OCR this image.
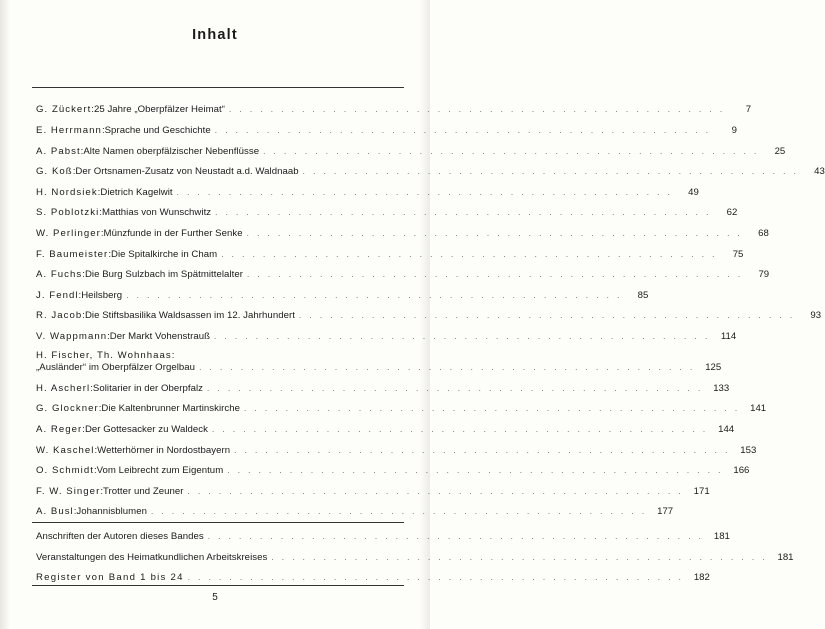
Inhalt
G. Zückert : 25 Jahre „Oberpfälzer Heimat“ . . . . . . . . . . . . . . . . . . . . . . . . . . . . . . . . . . . . . . . . . . . . . . . .	7
E. Herrmann : Sprache und Geschichte . . . . . . . . . . . . . . . . . . . . . . . . . . . . . . . . . . . . . . . . . . . . . . . .	9
A. Pabst : Alte Namen oberpfälzischer Nebenflüsse . . . . . . . . . . . . . . . . . . . . . . . . . . . . . . . . . . . . . . . . . . . . . . . .	25
G. Koß : Der Ortsnamen-Zusatz von Neustadt a.d. Waldnaab . . . . . . . . . . . . . . . . . . . . . . . . . . . . . . . . . . . . . . . . . . . . . . . .	43
H. Nordsiek : Dietrich Kagelwit . . . . . . . . . . . . . . . . . . . . . . . . . . . . . . . . . . . . . . . . . . . . . . . .	49
S. Poblotzki : Matthias von Wunschwitz . . . . . . . . . . . . . . . . . . . . . . . . . . . . . . . . . . . . . . . . . . . . . . . .	62
W. Perlinger : Münzfunde in der Further Senke . . . . . . . . . . . . . . . . . . . . . . . . . . . . . . . . . . . . . . . . . . . . . . . .	68
F. Baumeister : Die Spitalkirche in Cham . . . . . . . . . . . . . . . . . . . . . . . . . . . . . . . . . . . . . . . . . . . . . . . .	75
A. Fuchs : Die Burg Sulzbach im Spätmittelalter . . . . . . . . . . . . . . . . . . . . . . . . . . . . . . . . . . . . . . . . . . . . . . . .	79
J. Fendl : Heilsberg . . . . . . . . . . . . . . . . . . . . . . . . . . . . . . . . . . . . . . . . . . . . . . . .	85
R. Jacob : Die Stiftsbasilika Waldsassen im 12. Jahrhundert . . . . . . . . . . . . . . . . . . . . . . . . . . . . . . . . . . . . . . . . . . . . . . . .	93
V. Wappmann : Der Markt Vohenstrauß . . . . . . . . . . . . . . . . . . . . . . . . . . . . . . . . . . . . . . . . . . . . . . . .	114
H. Fischer, Th. Wohnhaas:
„Ausländer“ im Oberpfälzer Orgelbau . . . . . . . . . . . . . . . . . . . . . . . . . . . . . . . . . . . . . . . . . . . . . . . .	125
H. Ascherl : Solitarier in der Oberpfalz . . . . . . . . . . . . . . . . . . . . . . . . . . . . . . . . . . . . . . . . . . . . . . . .	133
G. Glockner : Die Kaltenbrunner Martinskirche . . . . . . . . . . . . . . . . . . . . . . . . . . . . . . . . . . . . . . . . . . . . . . . .	141
A. Reger : Der Gottesacker zu Waldeck . . . . . . . . . . . . . . . . . . . . . . . . . . . . . . . . . . . . . . . . . . . . . . . .	144
W. Kaschel : Wetterhörner in Nordostbayern . . . . . . . . . . . . . . . . . . . . . . . . . . . . . . . . . . . . . . . . . . . . . . . .	153
O. Schmidt : Vom Leibrecht zum Eigentum . . . . . . . . . . . . . . . . . . . . . . . . . . . . . . . . . . . . . . . . . . . . . . . .	166
F. W. Singer : Trotter und Zeuner . . . . . . . . . . . . . . . . . . . . . . . . . . . . . . . . . . . . . . . . . . . . . . . .	171
A. Busl : Johannisblumen . . . . . . . . . . . . . . . . . . . . . . . . . . . . . . . . . . . . . . . . . . . . . . . .	177
Anschriften der Autoren dieses Bandes . . . . . . . . . . . . . . . . . . . . . . . . . . . . . . . . . . . . . . . . . . . . . . . .	181
Veranstaltungen des Heimatkundlichen Arbeitskreises . . . . . . . . . . . . . . . . . . . . . . . . . . . . . . . . . . . . . . . . . . . . . . . .	181
Register von Band 1 bis 24 . . . . . . . . . . . . . . . . . . . . . . . . . . . . . . . . . . . . . . . . . . . . . . . .	182
5
